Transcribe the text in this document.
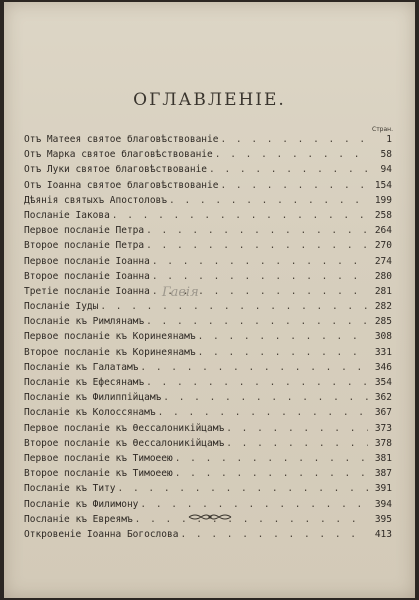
ОГЛАВЛЕНІЕ.
Стран.
Отъ Матеея святое благовѣствованіе . . .	1
Отъ Марка святое благовѣствованіе . . .	58
Отъ Луки святое благовѣствованіе . . .	94
Отъ Іоанна святое благовѣствованіе . . .	154
Дѣянія святыхъ Апостоловъ . . .	199
Посланіе Іакова . . .	258
Первое посланіе Петра . . .	264
Второе посланіе Петра . . .	270
Первое посланіе Іоанна . . .	274
Второе посланіе Іоанна . . .	280
Третіе посланіе Іоанна . . .	281
Посланіе Іуды . . .	282
Посланіе къ Римлянамъ . . .	285
Первое посланіе къ Коринеянамъ . . .	308
Второе посланіе къ Коринеянамъ . . .	331
Посланіе къ Галатамъ . . .	346
Посланіе къ Ефесянамъ . . .	354
Посланіе къ Филиппійцамъ . . .	362
Посланіе къ Колоссянамъ . . .	367
Первое посланіе къ Өессалоникійцамъ . . .	373
Второе посланіе къ Өессалоникійцамъ . . .	378
Первое посланіе къ Тимоеею . . .	381
Второе посланіе къ Тимоеею . . .	387
Посланіе къ Титу . . .	391
Посланіе къ Филимону . . .	394
Посланіе къ Евреямъ . . .	395
Откровеніе Іоанна Богослова . . .	413
Гавія
